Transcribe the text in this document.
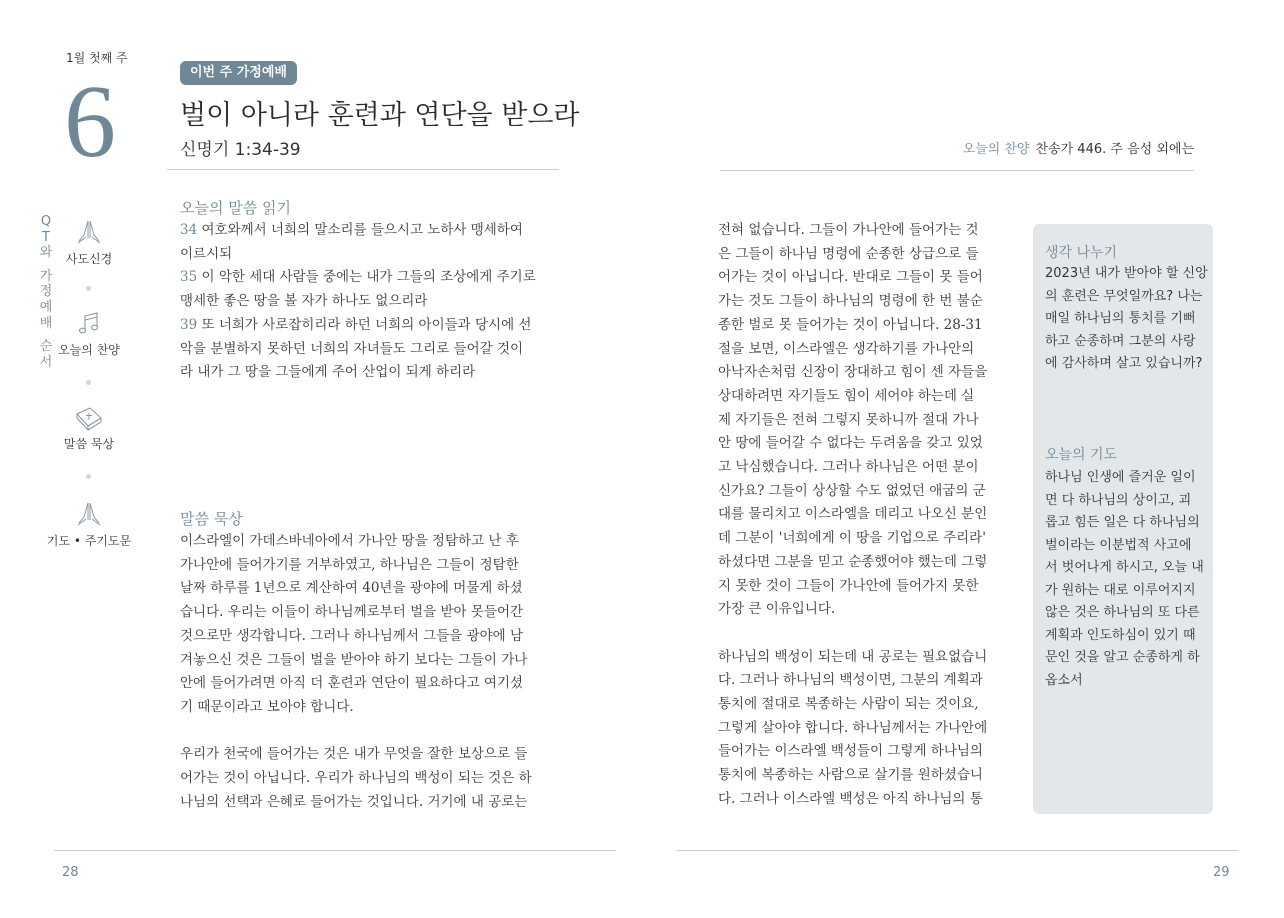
1월 첫째 주
6	이번 주 가정예배
벌이 아니라 훈련과 연단을 받으라
신명기 1:34-39
Q
T
와
가
정
예
배
순
서
사도신경
오늘의 찬양
말씀 묵상
기도 • 주기도문
오늘의 말씀 읽기
34 여호와께서 너희의 말소리를 들으시고 노하사 맹세하여
이르시되
35 이 악한 세대 사람들 중에는 내가 그들의 조상에게 주기로
맹세한 좋은 땅을 볼 자가 하나도 없으리라
39 또 너희가 사로잡히리라 하던 너희의 아이들과 당시에 선
악을 분별하지 못하던 너희의 자녀들도 그리로 들어갈 것이
라 내가 그 땅을 그들에게 주어 산업이 되게 하리라
말씀 묵상
이스라엘이 가데스바네아에서 가나안 땅을 정탐하고 난 후
가나안에 들어가기를 거부하였고, 하나님은 그들이 정탐한
날짜 하루를 1년으로 계산하여 40년을 광야에 머물게 하셨
습니다. 우리는 이들이 하나님께로부터 벌을 받아 못들어간
것으로만 생각합니다. 그러나 하나님께서 그들을 광야에 남
겨놓으신 것은 그들이 벌을 받아야 하기 보다는 그들이 가나
안에 들어가려면 아직 더 훈련과 연단이 필요하다고 여기셨
기 때문이라고 보아야 합니다.
우리가 천국에 들어가는 것은 내가 무엇을 잘한 보상으로 들
어가는 것이 아닙니다. 우리가 하나님의 백성이 되는 것은 하
나님의 선택과 은혜로 들어가는 것입니다. 거기에 내 공로는
28
오늘의 찬양 찬송가 446. 주 음성 외에는
전혀 없습니다. 그들이 가나안에 들어가는 것
은 그들이 하나님 명령에 순종한 상급으로 들
어가는 것이 아닙니다. 반대로 그들이 못 들어
가는 것도 그들이 하나님의 명령에 한 번 불순
종한 벌로 못 들어가는 것이 아닙니다. 28-31
절을 보면, 이스라엘은 생각하기를 가나안의
아낙자손처럼 신장이 장대하고 힘이 센 자들을
상대하려면 자기들도 힘이 세어야 하는데 실
제 자기들은 전혀 그렇지 못하니까 절대 가나
안 땅에 들어갈 수 없다는 두려움을 갖고 있었
고 낙심했습니다. 그러나 하나님은 어떤 분이
신가요? 그들이 상상할 수도 없었던 애굽의 군
대를 물리치고 이스라엘을 데리고 나오신 분인
데 그분이 '너희에게 이 땅을 기업으로 주리라'
하셨다면 그분을 믿고 순종했어야 했는데 그렇
지 못한 것이 그들이 가나안에 들어가지 못한
가장 큰 이유입니다.
하나님의 백성이 되는데 내 공로는 필요없습니
다. 그러나 하나님의 백성이면, 그분의 계획과
통치에 절대로 복종하는 사람이 되는 것이요,
그렇게 살아야 합니다. 하나님께서는 가나안에
들어가는 이스라엘 백성들이 그렇게 하나님의
통치에 복종하는 사람으로 살기를 원하셨습니
다. 그러나 이스라엘 백성은 아직 하나님의 통
생각 나누기
2023년 내가 받아야 할 신앙
의 훈련은 무엇일까요? 나는
매일 하나님의 통치를 기뻐
하고 순종하며 그분의 사랑
에 감사하며 살고 있습니까?
오늘의 기도
하나님 인생에 즐거운 일이
면 다 하나님의 상이고, 괴
롭고 힘든 일은 다 하나님의
벌이라는 이분법적 사고에
서 벗어나게 하시고, 오늘 내
가 원하는 대로 이루어지지
않은 것은 하나님의 또 다른
계획과 인도하심이 있기 때
문인 것을 알고 순종하게 하
옵소서
29
